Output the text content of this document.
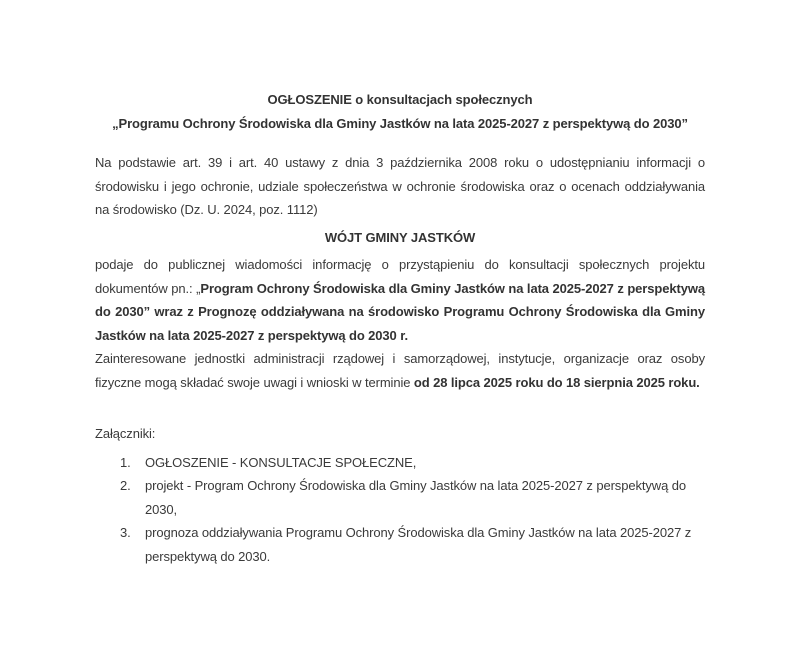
OGŁOSZENIE o konsultacjach społecznych
„Programu Ochrony Środowiska dla Gminy Jastków na lata 2025-2027 z perspektywą do 2030”

Na podstawie art. 39 i art. 40 ustawy z dnia 3 października 2008 roku o udostępnianiu informacji o środowisku i jego ochronie, udziale społeczeństwa w ochronie środowiska oraz o ocenach oddziaływania na środowisko (Dz. U. 2024, poz. 1112)

WÓJT GMINY JASTKÓW

podaje do publicznej wiadomości informację o przystąpieniu do konsultacji społecznych projektu dokumentów pn.: „Program Ochrony Środowiska dla Gminy Jastków na lata 2025-2027 z perspektywą do 2030” wraz z Prognozę oddziaływana na środowisko Programu Ochrony Środowiska dla Gminy Jastków na lata 2025-2027 z perspektywą do 2030 r.

Zainteresowane jednostki administracji rządowej i samorządowej, instytucje, organizacje oraz osoby fizyczne mogą składać swoje uwagi i wnioski w terminie od 28 lipca 2025 roku do 18 sierpnia 2025 roku.

Załączniki:
1.	OGŁOSZENIE - KONSULTACJE SPOŁECZNE,
2.	projekt - Program Ochrony Środowiska dla Gminy Jastków na lata 2025-2027 z perspektywą do 2030,
3.	prognoza oddziaływania Programu Ochrony Środowiska dla Gminy Jastków na lata 2025-2027 z perspektywą do 2030.
